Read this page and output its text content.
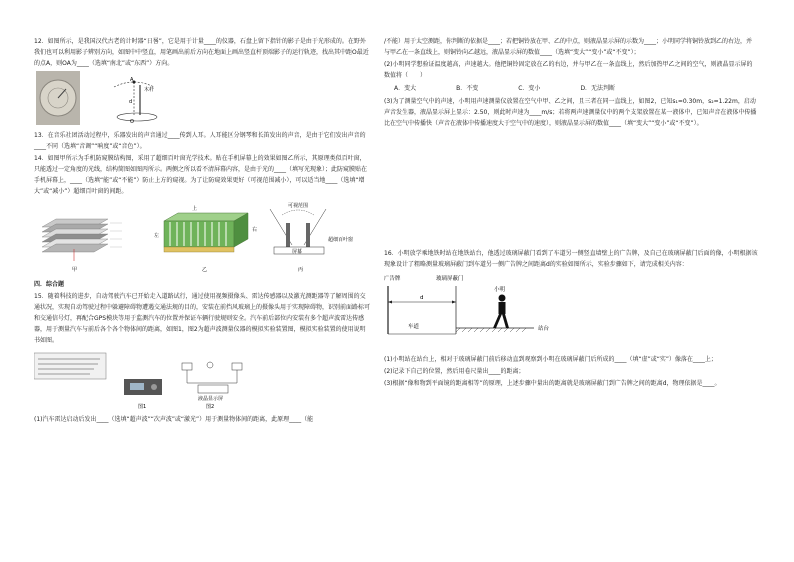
12．如图所示，是我国汉代古老的计时器“日晷”，它是用于计量____的仪器，石盘上留下指针的影子是由于光形成的。在野外我们也可以利用影子辨别方向，如图中中竖直，用笔画出前后方向在地面上画出竖直杆顶端影子的运行轨迹，找出其中距O最近的点A，则OA为____（选填“南北”或“东西”）方向。

木杆
A
O
d

13．在音乐社团活动过程中，乐器发出的声音通过____传到人耳。人耳能区分钢琴和长笛发出的声音，是由于它们发出声音的____不同（选填“音调”“响度”或“音色”）。

14．如图甲所示为手机防窥膜结构图，采用了超细百叶窗光学技术。贴在手机屏幕上的效果如图乙所示，其原理类似百叶窗，只能透过一定角度的光线，结构简图如图丙所示。两侧之所以看不清屏幕内容，是由于光的____（填写光现象）；此防窥膜贴在手机屏幕上，____（选填“能”或“不能”）防止上方的窥视。为了让防窥效果更好（可视范围减小），可以适当地____（选填“增大”或“减小”）超细百叶窗的间距。

甲
上
左
右
乙
可视范围
超细百叶窗
屏幕
丙

四．综合题

15．随着科技的进步，自动驾驶汽车已开始走入道路试行，通过使用视频摄像头、雷达传感器以及激光测距器等了解周围的交通状况，实现自动驾驶过程中躲避障碍物遭遇交通法规的目的，安装在前挡风玻璃上的摄像头用于实现障碍物，识别前面路标可和交通信号灯，再配合GPS模块等用于监测汽车的位置并保证车辆行驶规则安全。汽车前后部位内安装有多个超声波雷达传感器，用于测量汽车与前后各个各个物体间的距离，如图1，图2为超声波测量仪器的模拟实验装置图，模拟实验装置的使用说明书如图。

图1
液晶显示屏
图2

(1)汽车雷达启动后发出____（选填“超声波”“次声波”或“激光”）用于测量物体间的距离，此原理____（能

/不能）用于太空测距，你判断的依据是____；若把铜铃放在甲、乙的中点，则液晶显示屏的示数为____；小明同学将铜铃放到乙的右边，并与甲乙在一条直线上，则铜铃向乙越远，液晶显示屏的数值____（选填“变大”“变小”或“不变”）；

(2)小明同学想验证温度越高，声速越大。他把铜铃固定放在乙的右边，并与甲乙在一条直线上，然后加热甲乙之间的空气，则液晶显示屏的数值将（　　）

A．变大	B．不变	C．变小	D．无法判断

(3)为了测量空气中的声速，小明用声速测量仪放置在空气中甲、乙之间，且三者在同一直线上，如图2，已知s₁=0.30m，s₂=1.22m，启动声音发生器，液晶显示屏上显示：2.50，则此时声速为____m/s；若将两声速测量仪中的两个支架放置在某一液体中，已知声音在液体中传播比在空气中传播快（声音在液体中传播速度大于空气中的速度），则液晶显示屏的数值____（填“变大”“变小”或“不变”）。

16．小明放学乘地铁时站在地铁站台，他透过玻璃屏蔽门看到了车道另一侧竖直墙壁上的广告牌，及自己在玻璃屏蔽门后面的像，小明根据该现象设计了粗略测量玻璃屏蔽门到车道另一侧广告牌之间距离d的实验如图所示，实验步骤如下，请完成相关内容：

广告牌	玻璃屏蔽门
d
小明
车道	站台

(1)小明站在站台上，相对于玻璃屏蔽门前后移动直到观察到小明在玻璃屏蔽门后所成的____（填“虚”或“实”）像落在____上；

(2)记录下自己的位置，然后用卷尺量出____的距离；

(3)根据“像和物到平面镜的距离相等”的原理，上述步骤中量出的距离就是玻璃屏蔽门到广告牌之间的距离d，物理依据是____。
